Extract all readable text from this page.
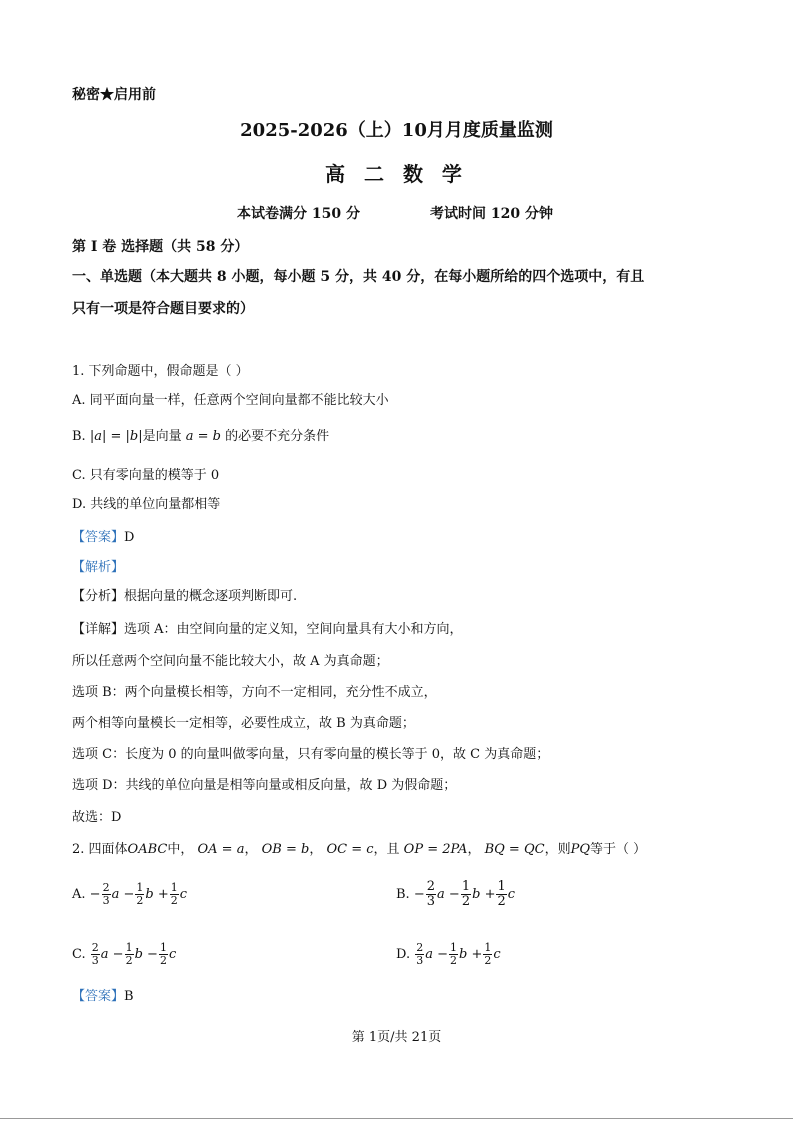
秘密★启用前
2025-2026（上）10月月度质量监测
高 二 数 学
本试卷满分 150 分	考试时间 120 分钟
第 I 卷 选择题（共 58 分）
一、单选题（本大题共 8 小题，每小题 5 分，共 40 分，在每小题所给的四个选项中，有且
只有一项是符合题目要求的）
1. 下列命题中，假命题是（ ）
A. 同平面向量一样，任意两个空间向量都不能比较大小
B. |a| = |b|是向量 a = b 的必要不充分条件
C. 只有零向量的模等于 0
D. 共线的单位向量都相等
【答案】D
【解析】
【分析】根据向量的概念逐项判断即可.
【详解】选项 A：由空间向量的定义知，空间向量具有大小和方向，
所以任意两个空间向量不能比较大小，故 A 为真命题；
选项 B：两个向量模长相等，方向不一定相同，充分性不成立，
两个相等向量模长一定相等，必要性成立，故 B 为真命题；
选项 C：长度为 0 的向量叫做零向量，只有零向量的模长等于 0，故 C 为真命题；
选项 D：共线的单位向量是相等向量或相反向量，故 D 为假命题；
故选：D
2. 四面体OABC中， OA = a， OB = b， OC = c，且 OP = 2PA， BQ = QC，则PQ等于（ ）
A. − $\frac{2}{3}$ $a - \frac{1}{2}$ $b + \frac{1}{2}$ c	B. − $\frac{2}{3}$ $a - \frac{1}{2}$ $b + \frac{1}{2}$ c
C. $\frac{2}{3}$ $a - \frac{1}{2}$ $b - \frac{1}{2}$ c	D. $\frac{2}{3}$ $a - \frac{1}{2}$ $b + \frac{1}{2}$ c
【答案】B
第 1页/共 21页
